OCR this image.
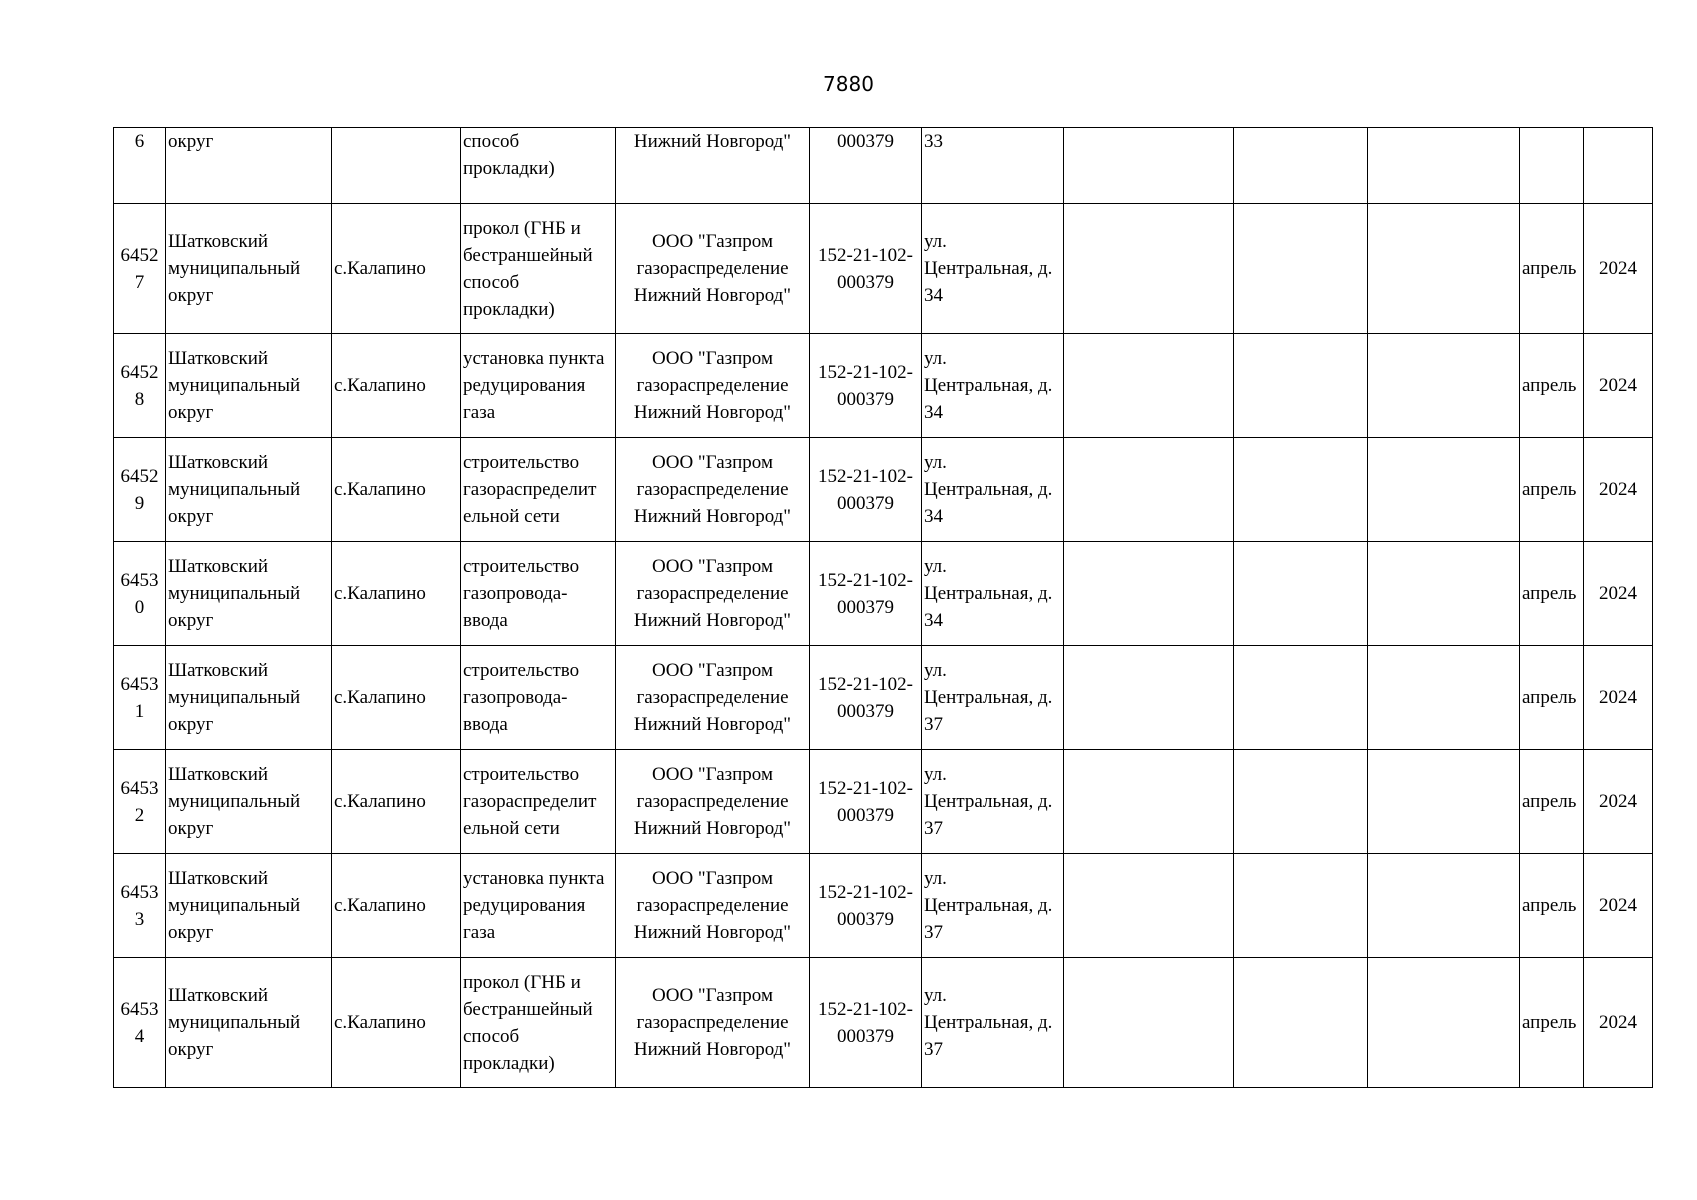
7880
6	округ		способ
прокладки)	Нижний Новгород"	000379	33					
6452
7	Шатковский
муниципальный
округ	с.Калапино	прокол (ГНБ и
бестраншейный
способ
прокладки)	ООО "Газпром
газораспределение
Нижний Новгород"	152-21-102-
000379	ул.
Центральная, д.
34				апрель	2024
6452
8	Шатковский
муниципальный
округ	с.Калапино	установка пункта
редуцирования
газа	ООО "Газпром
газораспределение
Нижний Новгород"	152-21-102-
000379	ул.
Центральная, д.
34				апрель	2024
6452
9	Шатковский
муниципальный
округ	с.Калапино	строительство
газораспределит
ельной сети	ООО "Газпром
газораспределение
Нижний Новгород"	152-21-102-
000379	ул.
Центральная, д.
34				апрель	2024
6453
0	Шатковский
муниципальный
округ	с.Калапино	строительство
газопровода-
ввода	ООО "Газпром
газораспределение
Нижний Новгород"	152-21-102-
000379	ул.
Центральная, д.
34				апрель	2024
6453
1	Шатковский
муниципальный
округ	с.Калапино	строительство
газопровода-
ввода	ООО "Газпром
газораспределение
Нижний Новгород"	152-21-102-
000379	ул.
Центральная, д.
37				апрель	2024
6453
2	Шатковский
муниципальный
округ	с.Калапино	строительство
газораспределит
ельной сети	ООО "Газпром
газораспределение
Нижний Новгород"	152-21-102-
000379	ул.
Центральная, д.
37				апрель	2024
6453
3	Шатковский
муниципальный
округ	с.Калапино	установка пункта
редуцирования
газа	ООО "Газпром
газораспределение
Нижний Новгород"	152-21-102-
000379	ул.
Центральная, д.
37				апрель	2024
6453
4	Шатковский
муниципальный
округ	с.Калапино	прокол (ГНБ и
бестраншейный
способ
прокладки)	ООО "Газпром
газораспределение
Нижний Новгород"	152-21-102-
000379	ул.
Центральная, д.
37				апрель	2024
